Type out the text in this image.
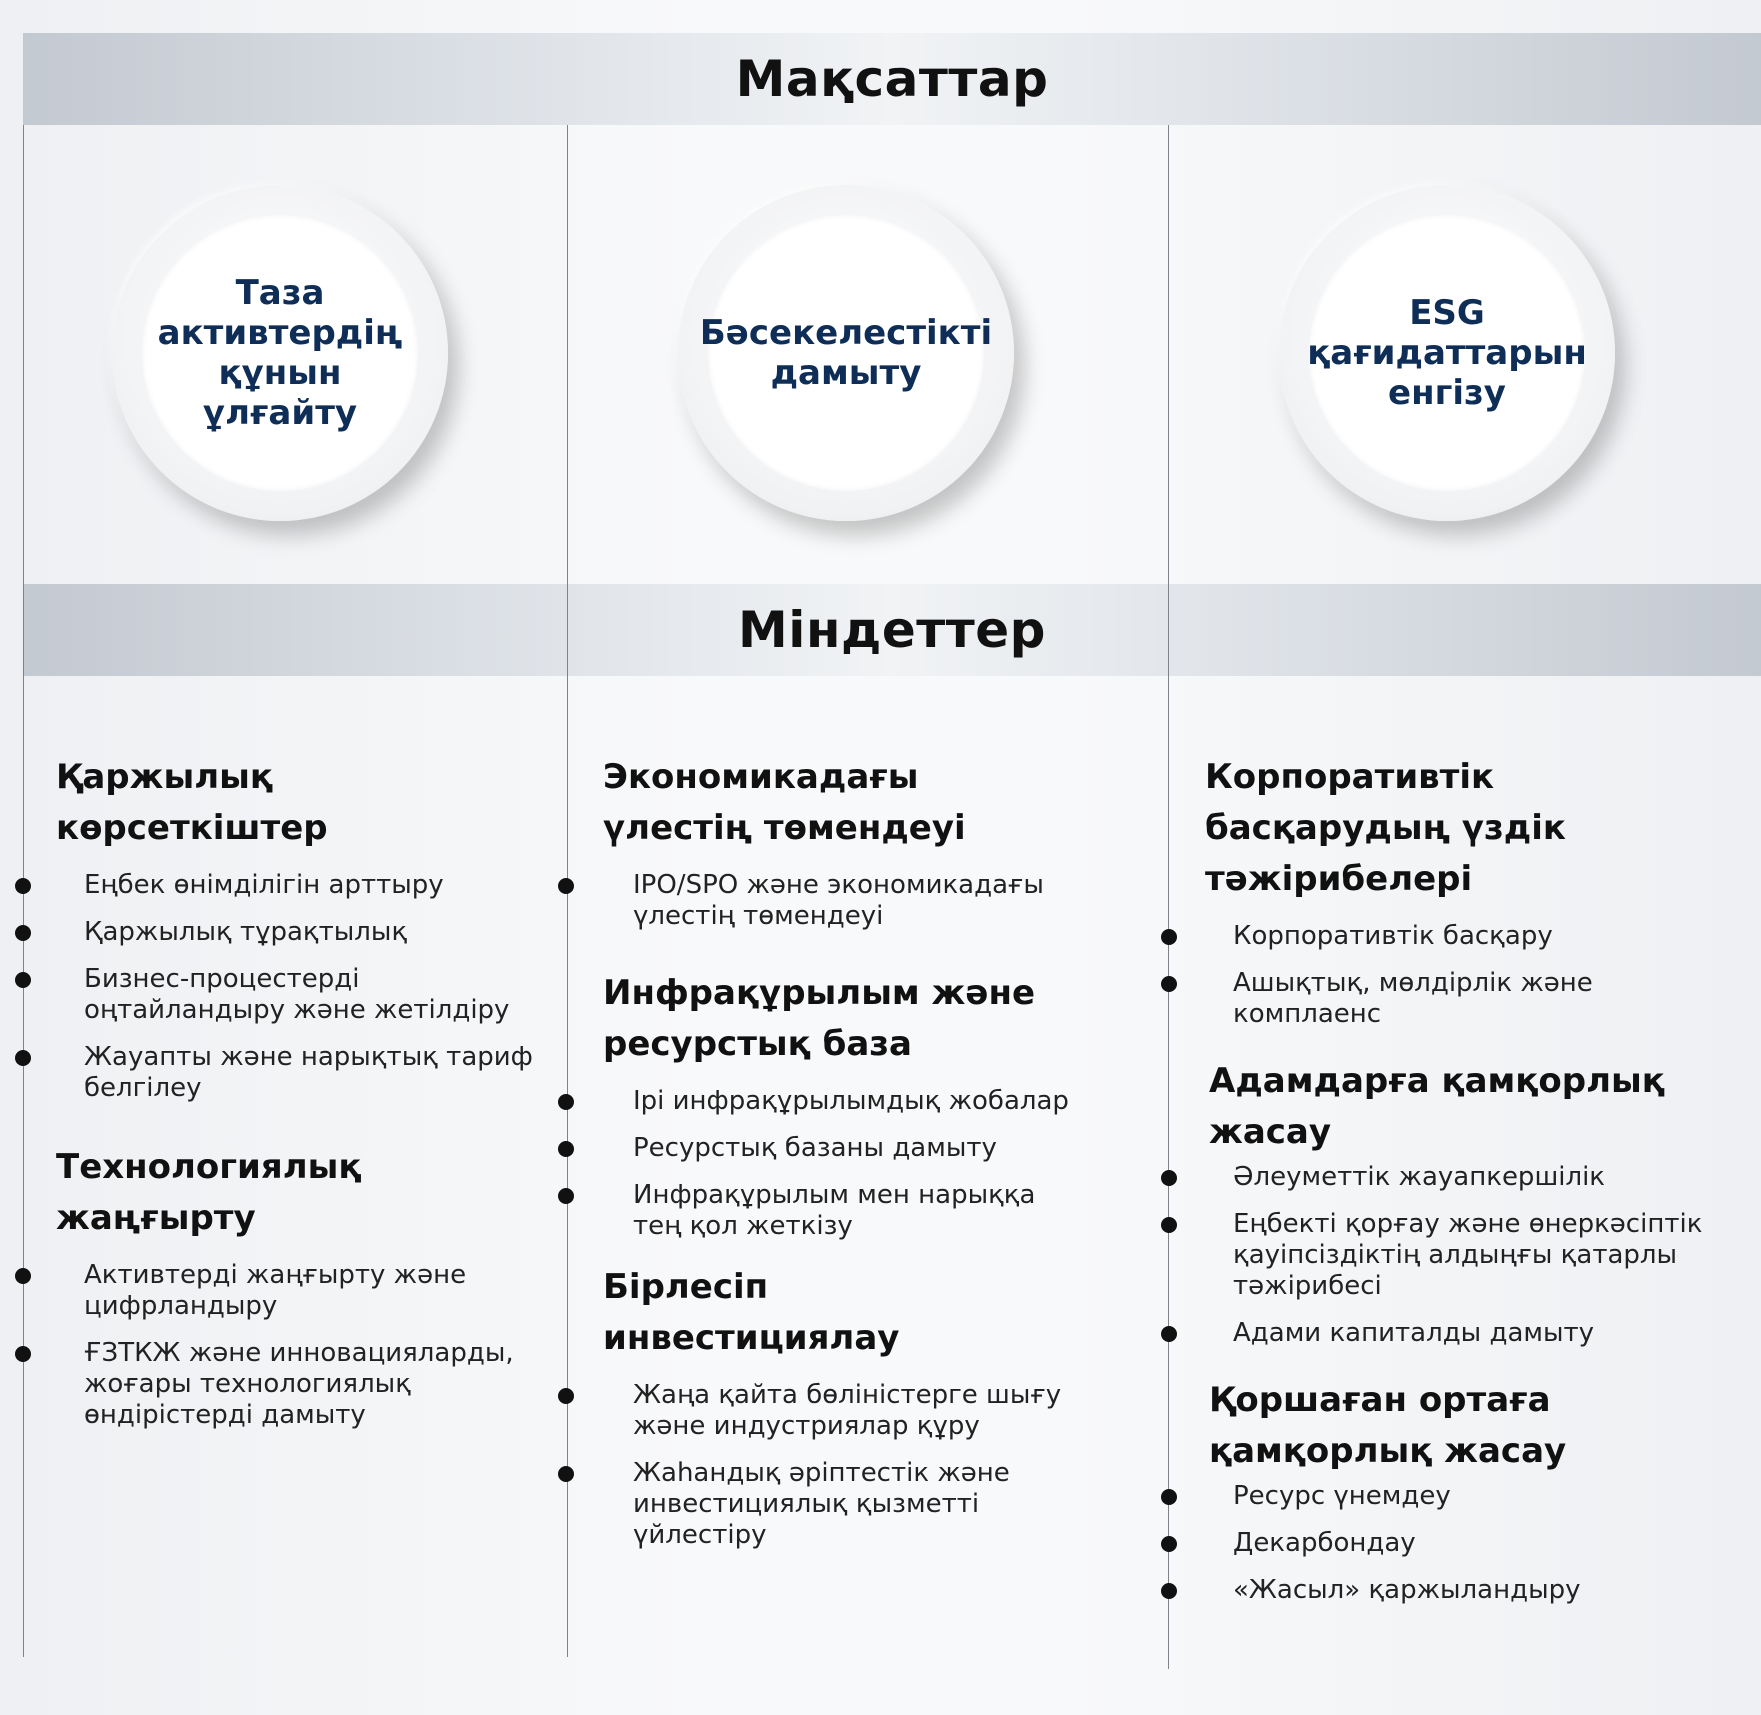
Мақсаттар
Міндеттер
Таза активтердің құнын ұлғайту
Бәсекелестікті дамыту
ESG қағидаттарын енгізу
Қаржылық көрсеткіштер
Еңбек өнімділігін арттыру
Қаржылық тұрақтылық
Бизнес-процестерді оңтайландыру және жетілдіру
Жауапты және нарықтық тариф белгілеу
Технологиялық жаңғырту
Активтерді жаңғырту және цифрландыру
ҒЗТКЖ және инновацияларды, жоғары технологиялық өндірістерді дамыту
Экономикадағы үлестің төмендеуі
IPO/SPO және экономикадағы үлестің төмендеуі
Инфрақұрылым және ресурстық база
Ірі инфрақұрылымдық жобалар
Ресурстық базаны дамыту
Инфрақұрылым мен нарыққа тең қол жеткізу
Бірлесіп инвестициялау
Жаңа қайта бөліністерге шығу және индустриялар құру
Жаһандық әріптестік және инвестициялық қызметті үйлестіру
Корпоративтік басқарудың үздік тәжірибелері
Корпоративтік басқару
Ашықтық, мөлдірлік және комплаенс
Адамдарға қамқорлық жасау
Әлеуметтік жауапкершілік
Еңбекті қорғау және өнеркәсіптік қауіпсіздіктің алдыңғы қатарлы тәжірибесі
Адами капиталды дамыту
Қоршаған ортаға қамқорлық жасау
Ресурс үнемдеу
Декарбондау
«Жасыл» қаржыландыру
